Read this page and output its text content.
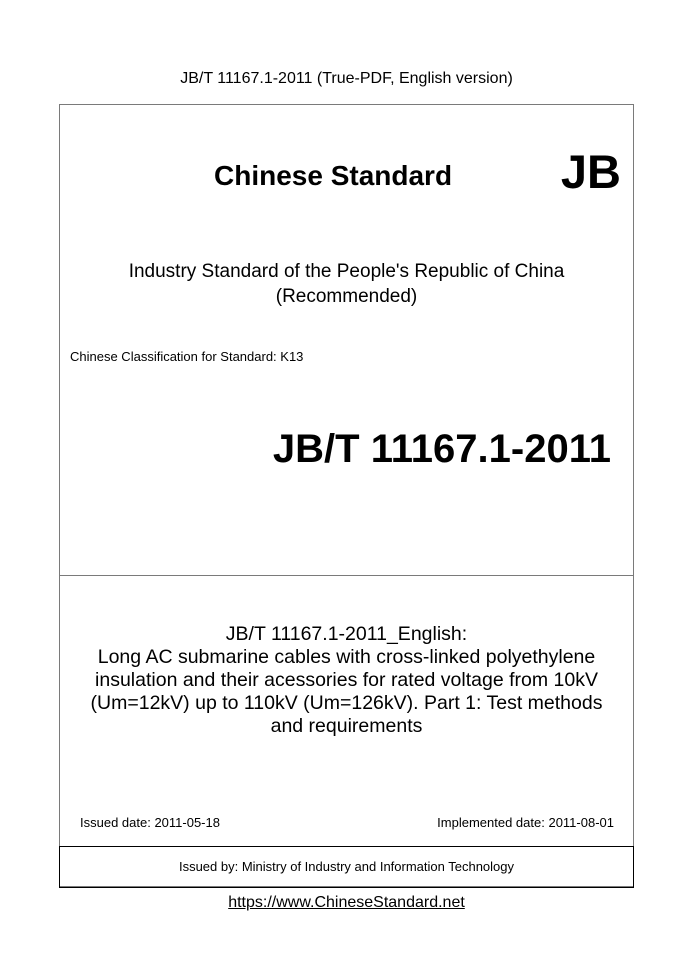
JB/T 11167.1-2011 (True-PDF, English version)
Chinese Standard JB
Industry Standard of the People's Republic of China
(Recommended)
Chinese Classification for Standard: K13
JB/T 11167.1-2011
JB/T 11167.1-2011_English:
Long AC submarine cables with cross-linked polyethylene
insulation and their acessories for rated voltage from 10kV
(Um=12kV) up to 110kV (Um=126kV). Part 1: Test methods
and requirements
Issued date: 2011-05-18	Implemented date: 2011-08-01
Issued by: Ministry of Industry and Information Technology
https://www.ChineseStandard.net
